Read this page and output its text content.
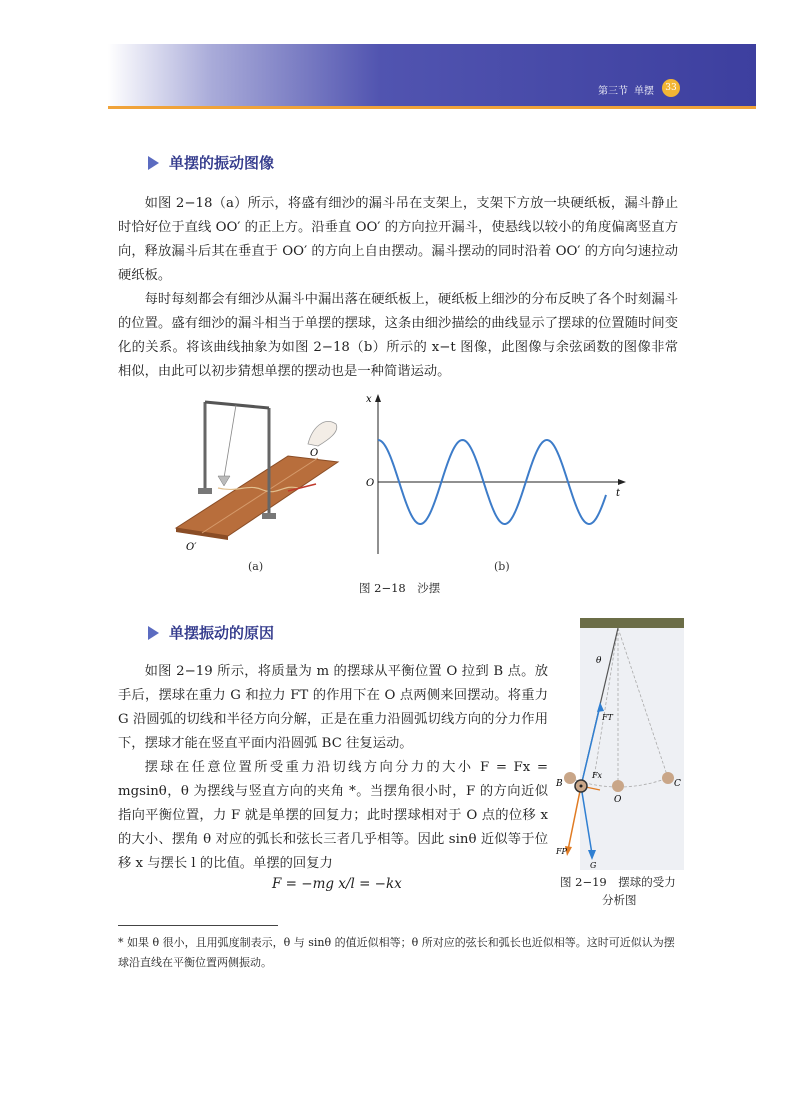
第三节 单摆	33
单摆的振动图像

如图 2−18（a）所示，将盛有细沙的漏斗吊在支架上，支架下方放一块硬纸板，漏斗静止时恰好位于直线 OO′ 的正上方。沿垂直 OO′ 的方向拉开漏斗，使悬线以较小的角度偏离竖直方向，释放漏斗后其在垂直于 OO′ 的方向上自由摆动。漏斗摆动的同时沿着 OO′ 的方向匀速拉动硬纸板。

每时每刻都会有细沙从漏斗中漏出落在硬纸板上，硬纸板上细沙的分布反映了各个时刻漏斗的位置。盛有细沙的漏斗相当于单摆的摆球，这条由细沙描绘的曲线显示了摆球的位置随时间变化的关系。将该曲线抽象为如图 2−18（b）所示的 x−t 图像，此图像与余弦函数的图像非常相似，由此可以初步猜想单摆的摆动也是一种简谐运动。

O
O′
(a)
x
t
O
(b)
图 2−18　沙摆
单摆振动的原因

如图 2−19 所示，将质量为 m 的摆球从平衡位置 O 拉到 B 点。放手后，摆球在重力 G 和拉力 FT 的作用下在 O 点两侧来回摆动。将重力 G 沿圆弧的切线和半径方向分解，正是在重力沿圆弧切线方向的分力作用下，摆球才能在竖直平面内沿圆弧 BC 往复运动。

摆球在任意位置所受重力沿切线方向分力的大小 F = Fx = mgsinθ，θ 为摆线与竖直方向的夹角 *。当摆角很小时，F 的方向近似指向平衡位置，力 F 就是单摆的回复力；此时摆球相对于 O 点的位移 x 的大小、摆角 θ 对应的弧长和弦长三者几乎相等。因此 sinθ 近似等于位移 x 与摆长 l 的比值。单摆的回复力

F = −mg x/l = −kx
θ
FT
B	C
O
Fx
FP
G
图 2−19　摆球的受力
分析图

* 如果 θ 很小，且用弧度制表示，θ 与 sinθ 的值近似相等；θ 所对应的弦长和弧长也近似相等。这时可近似认为摆球沿直线在平衡位置两侧振动。
